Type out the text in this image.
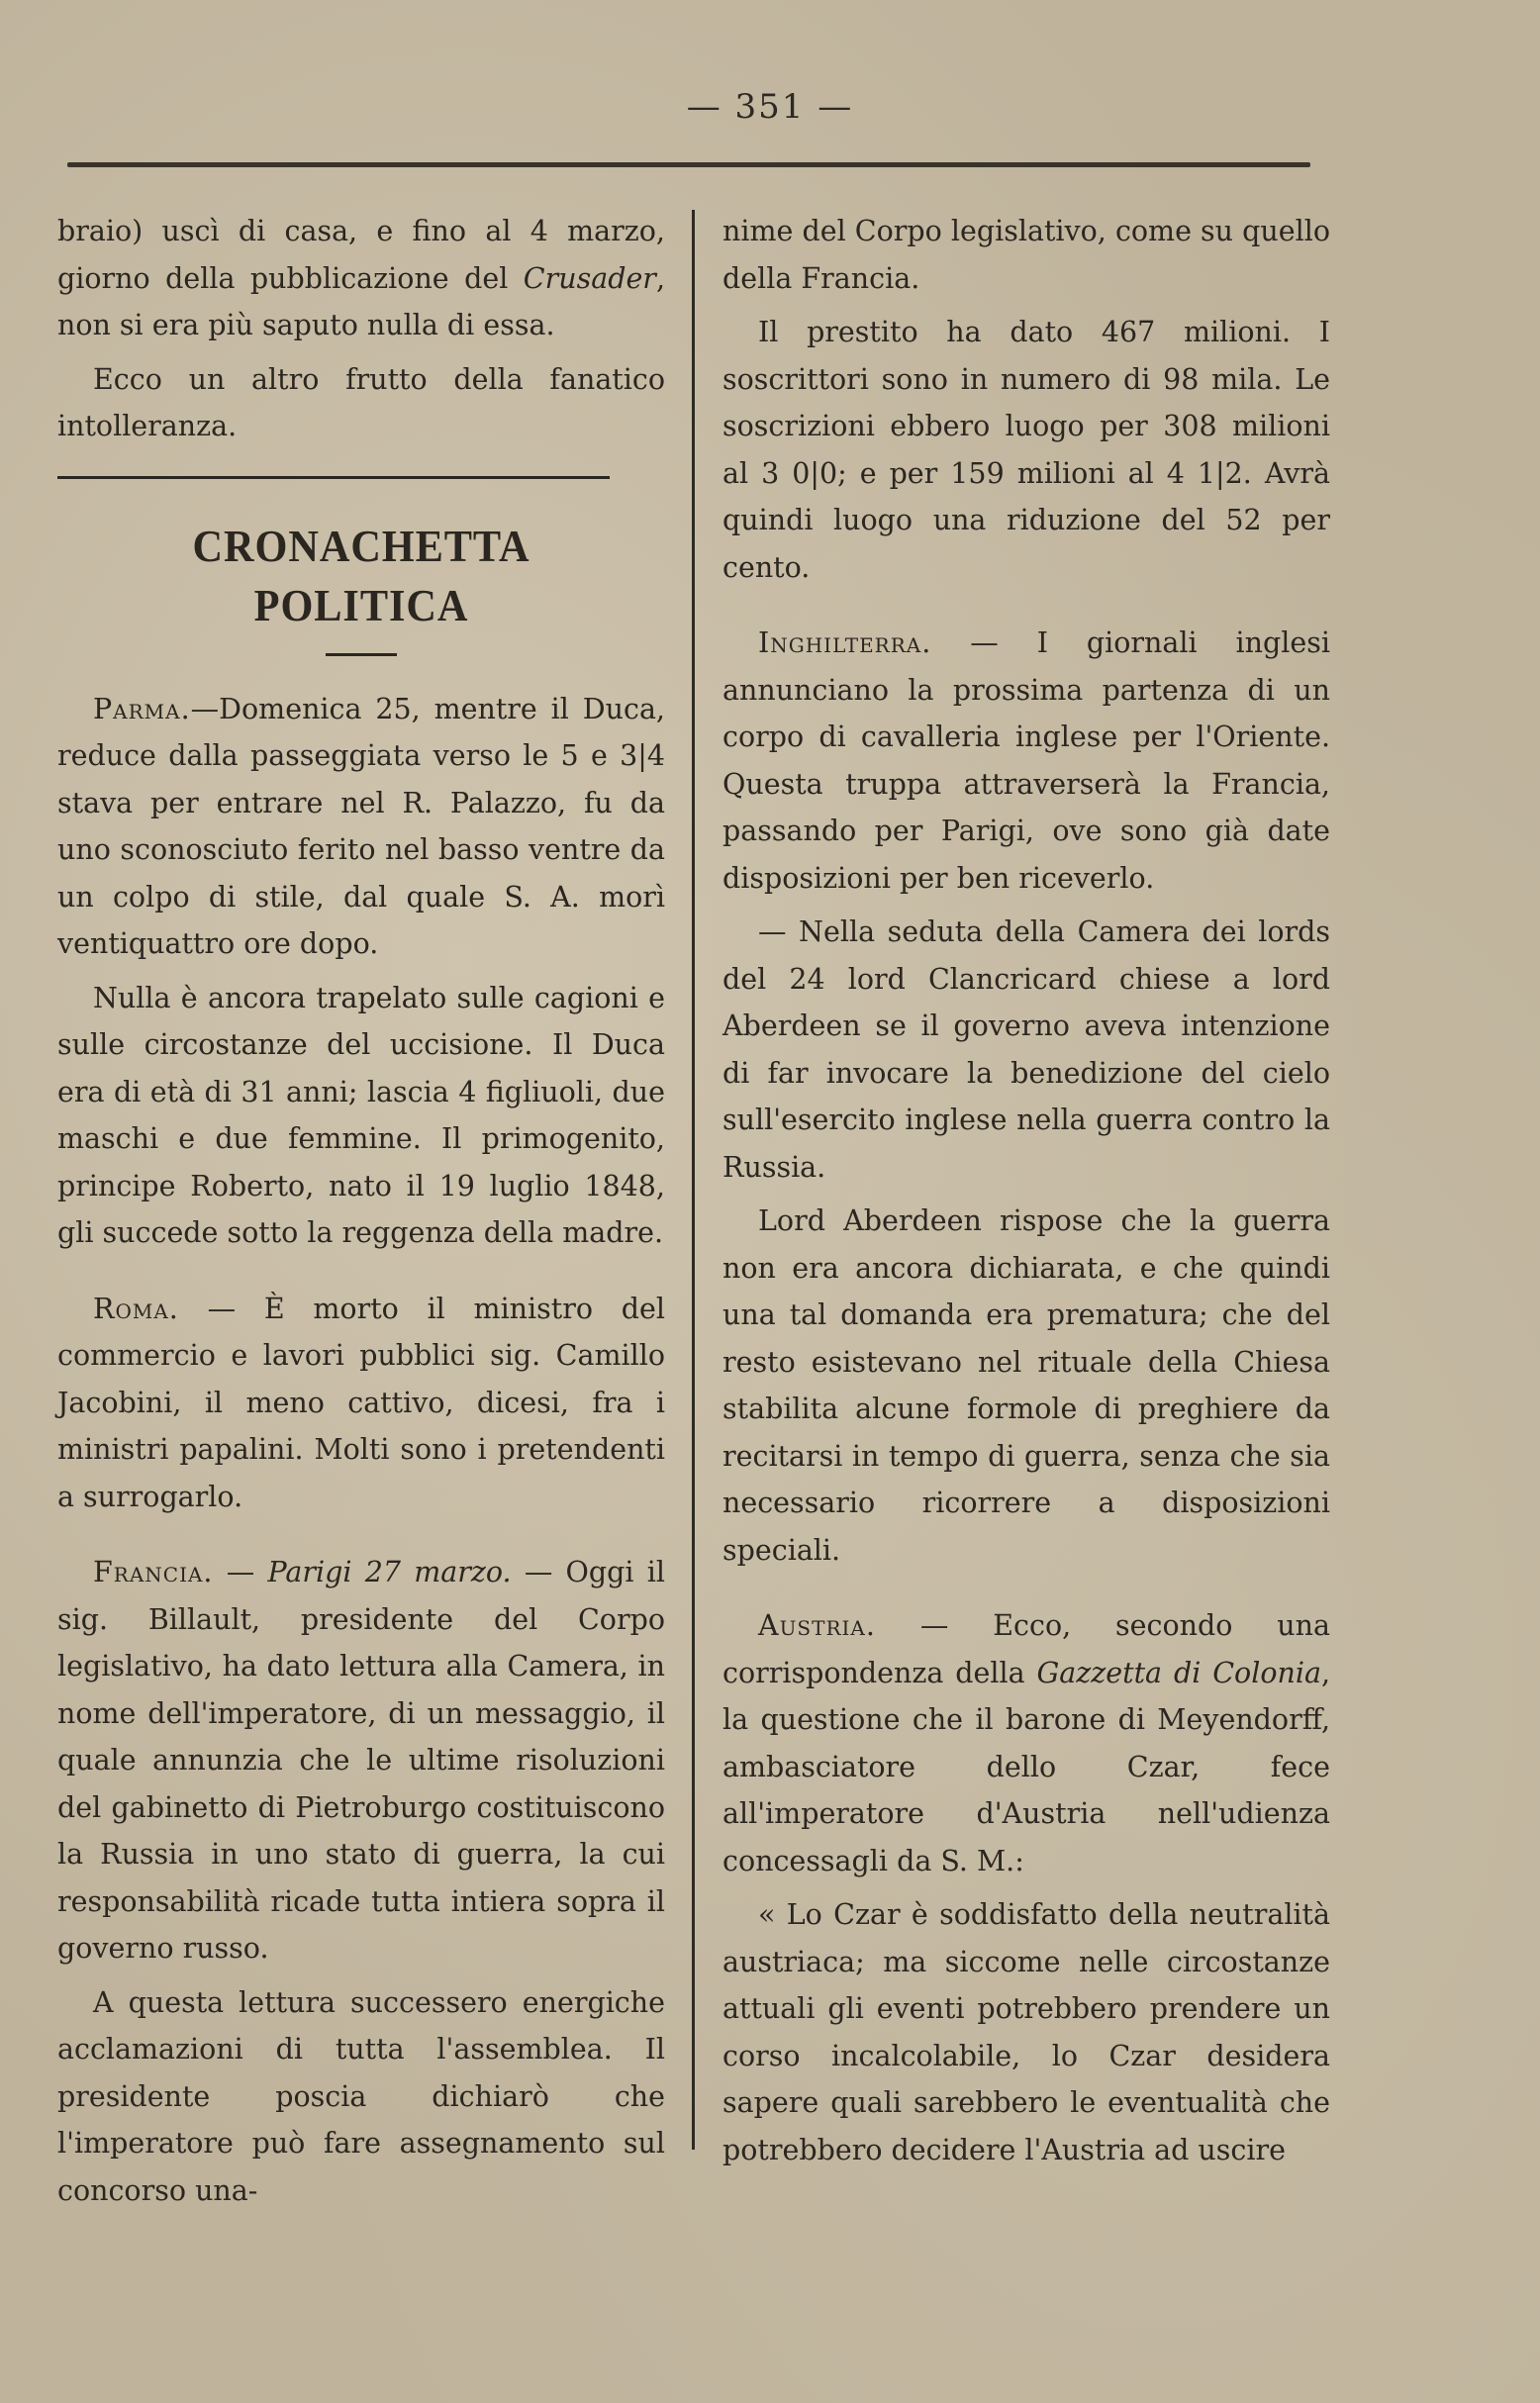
— 351 —

braio) uscì di casa, e fino al 4 marzo, giorno della pubblicazione del Crusader, non si era più saputo nulla di essa.

Ecco un altro frutto della fanatico intolleranza.

CRONACHETTA POLITICA

Parma.—Domenica 25, mentre il Duca, reduce dalla passeggiata verso le 5 e 3|4 stava per entrare nel R. Palazzo, fu da uno sconosciuto ferito nel basso ventre da un colpo di stile, dal quale S. A. morì ventiquattro ore dopo.

Nulla è ancora trapelato sulle cagioni e sulle circostanze del uccisione. Il Duca era di età di 31 anni; lascia 4 figliuoli, due maschi e due femmine. Il primogenito, principe Roberto, nato il 19 luglio 1848, gli succede sotto la reggenza della madre.

Roma. — È morto il ministro del commercio e lavori pubblici sig. Camillo Jacobini, il meno cattivo, dicesi, fra i ministri papalini. Molti sono i pretendenti a surrogarlo.

Francia. — Parigi 27 marzo. — Oggi il sig. Billault, presidente del Corpo legislativo, ha dato lettura alla Camera, in nome dell'imperatore, di un messaggio, il quale annunzia che le ultime risoluzioni del gabinetto di Pietroburgo costituiscono la Russia in uno stato di guerra, la cui responsabilità ricade tutta intiera sopra il governo russo.

A questa lettura successero energiche acclamazioni di tutta l'assemblea. Il presidente poscia dichiarò che l'imperatore può fare assegnamento sul concorso una-

nime del Corpo legislativo, come su quello della Francia.

Il prestito ha dato 467 milioni. I soscrittori sono in numero di 98 mila. Le soscrizioni ebbero luogo per 308 milioni al 3 0|0; e per 159 milioni al 4 1|2. Avrà quindi luogo una riduzione del 52 per cento.

Inghilterra. — I giornali inglesi annunciano la prossima partenza di un corpo di cavalleria inglese per l'Oriente. Questa truppa attraverserà la Francia, passando per Parigi, ove sono già date disposizioni per ben riceverlo.

— Nella seduta della Camera dei lords del 24 lord Clancricard chiese a lord Aberdeen se il governo aveva intenzione di far invocare la benedizione del cielo sull'esercito inglese nella guerra contro la Russia.

Lord Aberdeen rispose che la guerra non era ancora dichiarata, e che quindi una tal domanda era prematura; che del resto esistevano nel rituale della Chiesa stabilita alcune formole di preghiere da recitarsi in tempo di guerra, senza che sia necessario ricorrere a disposizioni speciali.

Austria. — Ecco, secondo una corrispondenza della Gazzetta di Colonia, la questione che il barone di Meyendorff, ambasciatore dello Czar, fece all'imperatore d'Austria nell'udienza concessagli da S. M.:

« Lo Czar è soddisfatto della neutralità austriaca; ma siccome nelle circostanze attuali gli eventi potrebbero prendere un corso incalcolabile, lo Czar desidera sapere quali sarebbero le eventualità che potrebbero decidere l'Austria ad uscire
